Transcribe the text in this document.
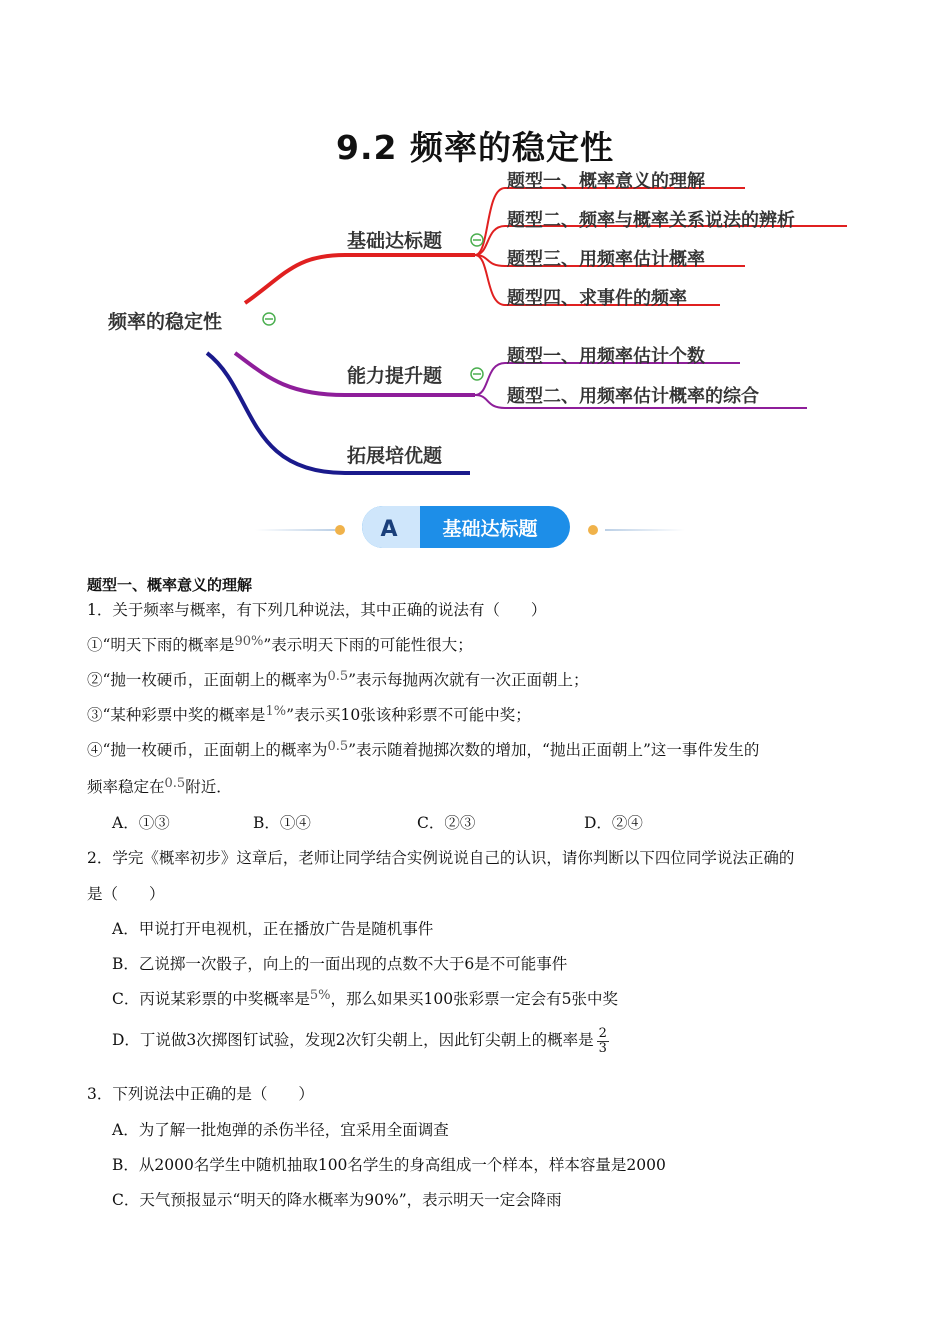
9.2 频率的稳定性
频率的稳定性
基础达标题
能力提升题
拓展培优题
题型一、概率意义的理解
题型二、频率与概率关系说法的辨析
题型三、用频率估计概率
题型四、求事件的频率
题型一、用频率估计个数
题型二、用频率估计概率的综合
A 基础达标题
题型一、概率意义的理解
1．关于频率与概率，有下列几种说法，其中正确的说法有（　　）
①“明天下雨的概率是$^{90\%}$”表示明天下雨的可能性很大；
②“抛一枚硬币，正面朝上的概率为$^{0.5}$”表示每抛两次就有一次正面朝上；
③“某种彩票中奖的概率是$^{1\%}$”表示买10张该种彩票不可能中奖；
④“抛一枚硬币，正面朝上的概率为$^{0.5}$”表示随着抛掷次数的增加，“抛出正面朝上”这一事件发生的
频率稳定在$^{0.5}$附近．
A．①③	B．①④	C．②③	D．②④
2．学完《概率初步》这章后，老师让同学结合实例说说自己的认识，请你判断以下四位同学说法正确的
是（　　）
A．甲说打开电视机，正在播放广告是随机事件
B．乙说掷一次骰子，向上的一面出现的点数不大于6是不可能事件
C．丙说某彩票的中奖概率是$^{5\%}$，那么如果买100张彩票一定会有5张中奖
D．丁说做3次掷图钉试验，发现2次钉尖朝上，因此钉尖朝上的概率是 $\frac{2}{3}$
3．下列说法中正确的是（　　）
A．为了解一批炮弹的杀伤半径，宜采用全面调查
B．从2000名学生中随机抽取100名学生的身高组成一个样本，样本容量是2000
C．天气预报显示“明天的降水概率为90%”，表示明天一定会降雨
